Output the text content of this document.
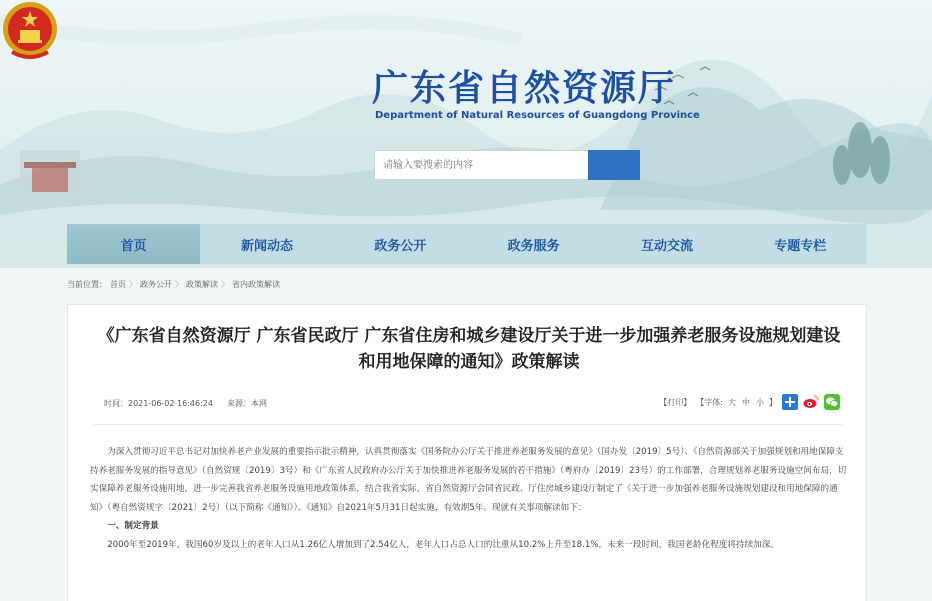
广东省自然资源厅
Department of Natural Resources of Guangdong Province
请输入要搜索的内容
首页	新闻动态	政务公开	政务服务	互动交流	专题专栏
当前位置： 首页 〉 政务公开 〉 政策解读 〉 省内政策解读
《广东省自然资源厅 广东省民政厅 广东省住房和城乡建设厅关于进一步加强养老服务设施规划建设和用地保障的通知》政策解读
时间：2021-06-02 16:46:24 来源：本网	【打印】 【字体: 大 中 小 】

为深入贯彻习近平总书记对加快养老产业发展的重要指示批示精神，认真贯彻落实《国务院办公厅关于推进养老服务发展的意见》（国办发〔2019〕5号）、《自然资源部关于加强规划和用地保障支持养老服务发展的指导意见》（自然资规〔2019〕3号）和《广东省人民政府办公厅关于加快推进养老服务发展的若干措施》（粤府办〔2019〕23号）的工作部署，合理规划养老服务设施空间布局，切实保障养老服务设施用地，进一步完善我省养老服务设施用地政策体系，结合我省实际，省自然资源厅会同省民政、厅住房城乡建设厅制定了《关于进一步加强养老服务设施规划建设和用地保障的通知》（粤自然资规字〔2021〕2号）（以下简称《通知》）。《通知》自2021年5月31日起实施，有效期5年。现就有关事项解读如下：

一、制定背景

2000年至2019年，我国60岁及以上的老年人口从1.26亿人增加到了2.54亿人，老年人口占总人口的比重从10.2%上升至18.1%，未来一段时间，我国老龄化程度将持续加深。
